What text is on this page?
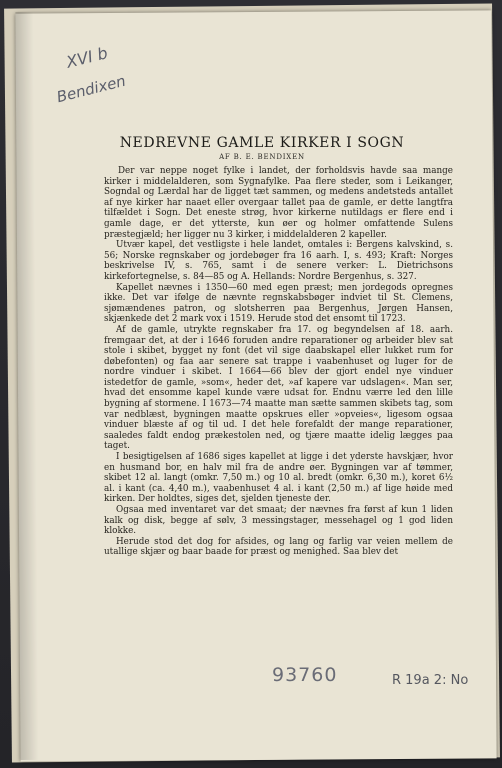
XVI b
Bendixen
NEDREVNE GAMLE KIRKER I SOGN
AF B. E. BENDIXEN

Der var neppe noget fylke i landet, der forholdsvis havde saa mange kirker i middelalderen, som Sygnafylke. Paa flere steder, som i Leikanger, Sogndal og Lærdal har de ligget tæt sammen, og medens andetsteds antallet af nye kirker har naaet eller overgaar tallet paa de gamle, er dette langtfra tilfældet i Sogn. Det eneste strøg, hvor kirkerne nutildags er flere end i gamle dage, er det ytterste, kun øer og holmer omfattende Sulens præstegjæld; her ligger nu 3 kirker, i middelalderen 2 kapeller.

Utvær kapel, det vestligste i hele landet, omtales i: Bergens kalvskind, s. 56; Norske regnskaber og jordebøger fra 16 aarh. I, s. 493; Kraft: Norges beskrivelse IV, s. 765, samt i de senere verker: L. Dietrichsons kirkefortegnelse, s. 84—85 og A. Hellands: Nordre Bergenhus, s. 327.

Kapellet nævnes i 1350—60 med egen præst; men jordegods opregnes ikke. Det var ifølge de nævnte regnskabsbøger indviet til St. Clemens, sjømændenes patron, og slotsherren paa Bergenhus, Jørgen Hansen, skjænkede det 2 mark vox i 1519. Herude stod det ensomt til 1723.

Af de gamle, utrykte regnskaber fra 17. og begyndelsen af 18. aarh. fremgaar det, at der i 1646 foruden andre reparationer og arbeider blev sat stole i skibet, bygget ny font (det vil sige daabskapel eller lukket rum for døbefonten) og faa aar senere sat trappe i vaabenhuset og luger for de nordre vinduer i skibet. I 1664—66 blev der gjort endel nye vinduer istedetfor de gamle, »som«, heder det, »af kapere var udslagen«. Man ser, hvad det ensomme kapel kunde være udsat for. Endnu værre led den lille bygning af stormene. I 1673—74 maatte man sætte sammen skibets tag, som var nedblæst, bygningen maatte opskrues eller »opveies«, ligesom ogsaa vinduer blæste af og til ud. I det hele forefaldt der mange reparationer, saaledes faldt endog prækestolen ned, og tjære maatte idelig lægges paa taget.

I besigtigelsen af 1686 siges kapellet at ligge i det yderste havskjær, hvor en husmand bor, en halv mil fra de andre øer. Bygningen var af tømmer, skibet 12 al. langt (omkr. 7,50 m.) og 10 al. bredt (omkr. 6,30 m.), koret 6½ al. i kant (ca. 4,40 m.), vaabenhuset 4 al. i kant (2,50 m.) af lige høide med kirken. Der holdtes, siges det, sjelden tjeneste der.

Ogsaa med inventaret var det smaat; der nævnes fra først af kun 1 liden kalk og disk, begge af sølv, 3 messingstager, messehagel og 1 god liden klokke.

Herude stod det dog for afsides, og lang og farlig var veien mellem de utallige skjær og baar baade for præst og menighed. Saa blev det

93760	R 19a 2: No
